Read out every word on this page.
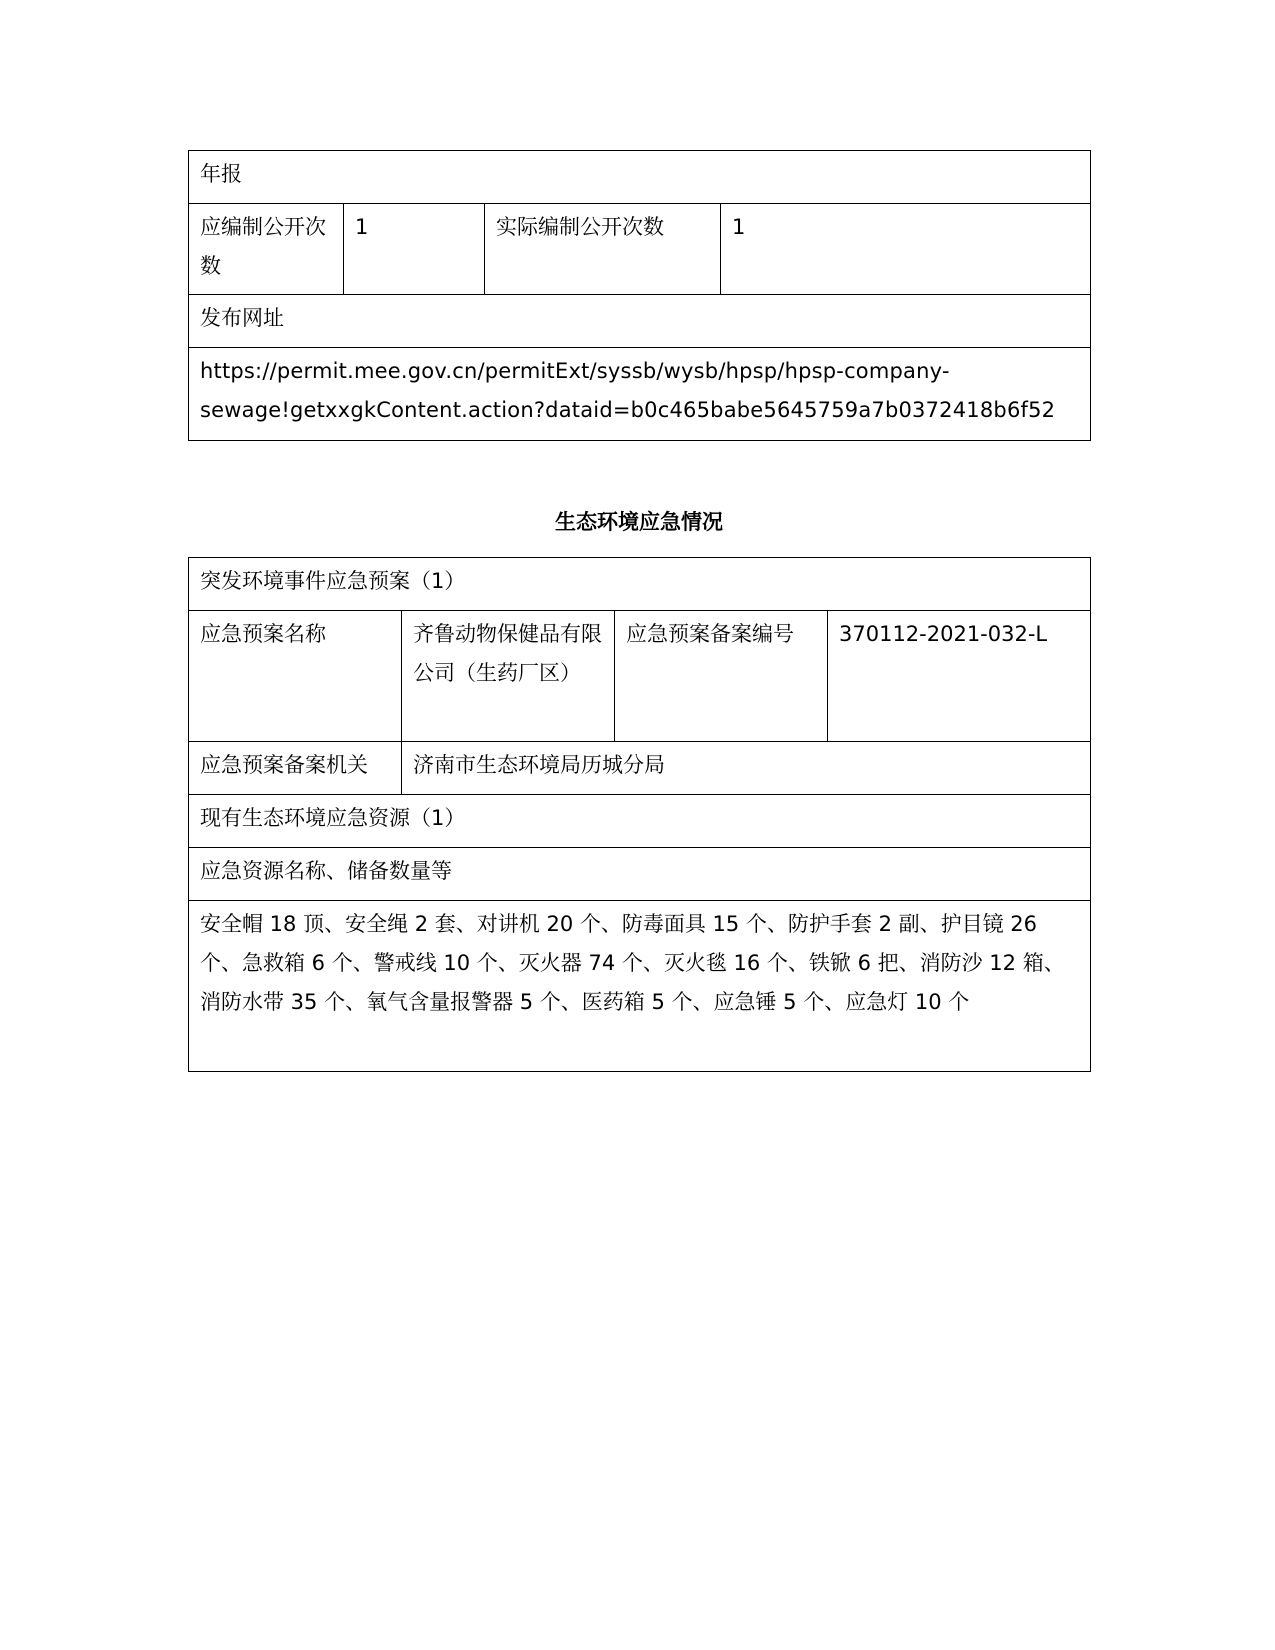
年报
应编制公开次数	1	实际编制公开次数	1
发布网址
https://permit.mee.gov.cn/permitExt/syssb/wysb/hpsp/hpsp-company-sewage!getxxgkContent.action?dataid=b0c465babe5645759a7b0372418b6f52
生态环境应急情况
突发环境事件应急预案（1）			
应急预案名称	齐鲁动物保健品有限公司（生药厂区）	应急预案备案编号	370112-2021-032-L
应急预案备案机关	济南市生态环境局历城分局		
现有生态环境应急资源（1）			
应急资源名称、储备数量等			
安全帽 18 顶、安全绳 2 套、对讲机 20 个、防毒面具 15 个、防护手套 2 副、护目镜 26 个、急救箱 6 个、警戒线 10 个、灭火器 74 个、灭火毯 16 个、铁锨 6 把、消防沙 12 箱、消防水带 35 个、氧气含量报警器 5 个、医药箱 5 个、应急锤 5 个、应急灯 10 个			
